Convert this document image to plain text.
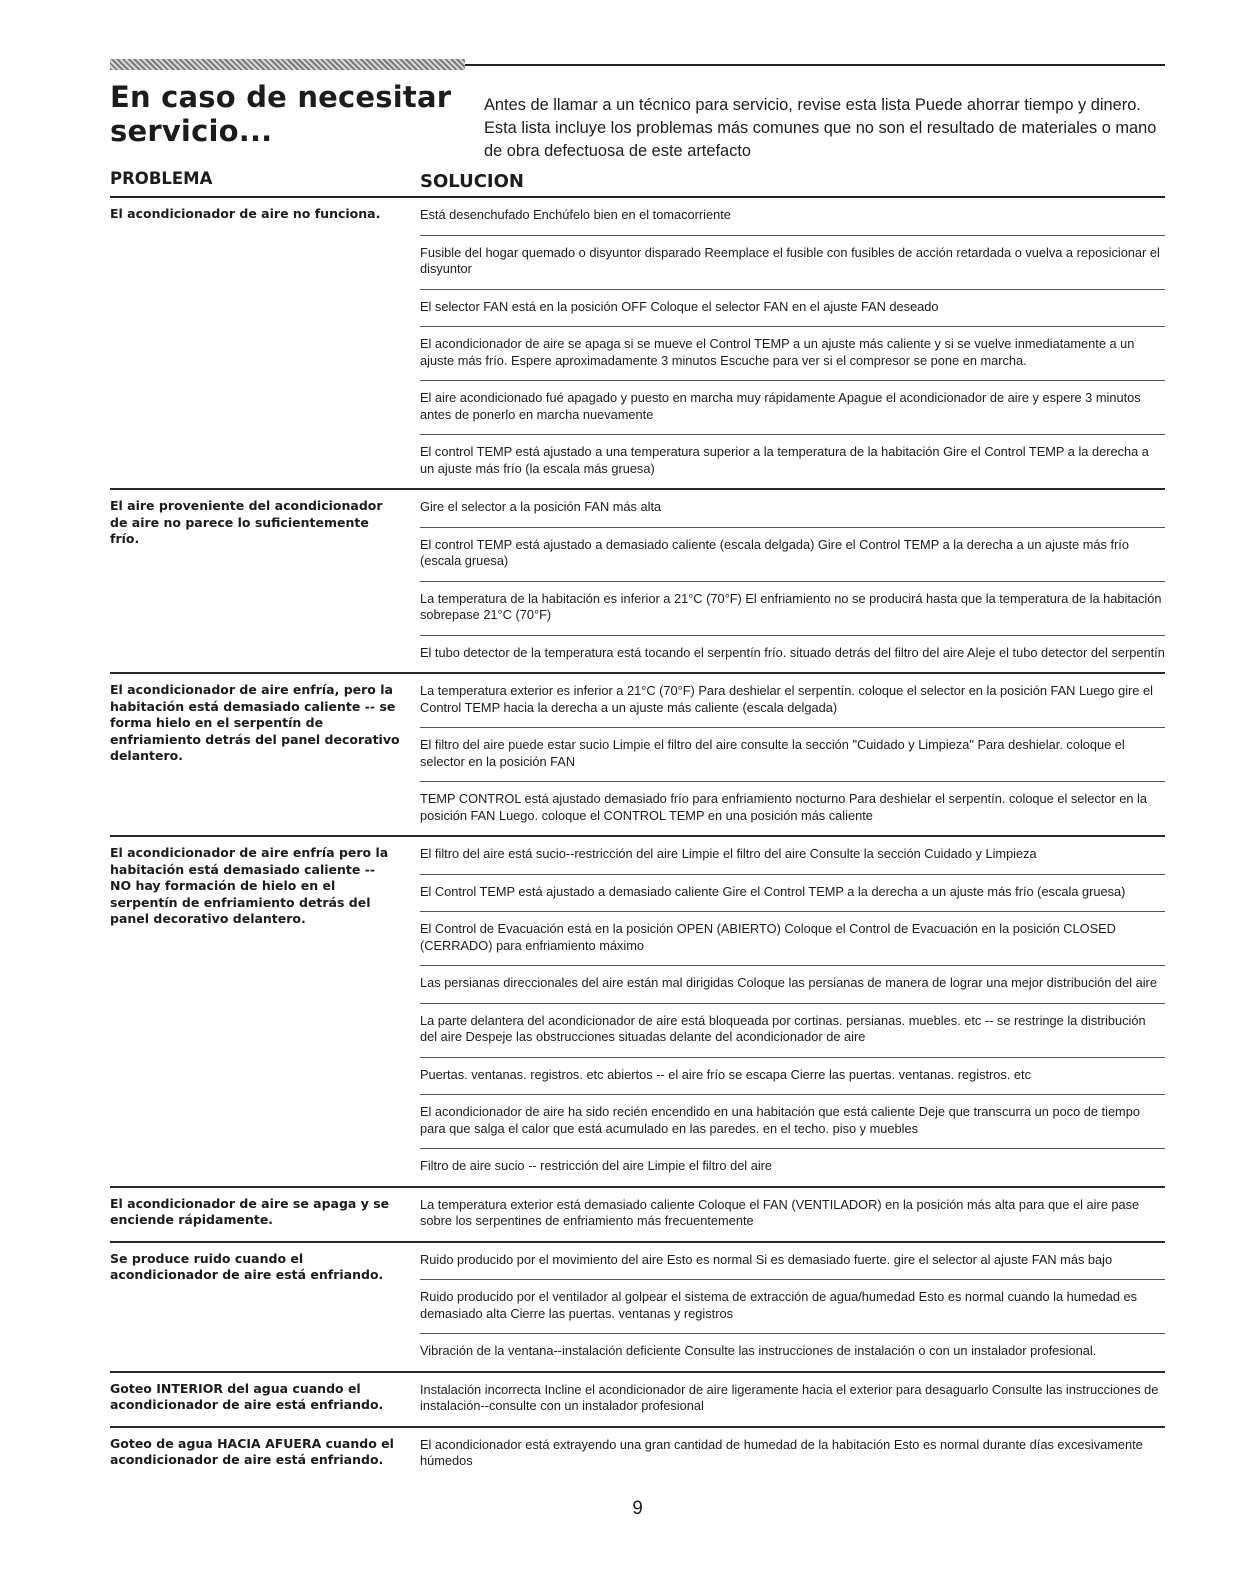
En caso de necesitar
servicio...

Antes de llamar a un técnico para servicio, revise esta lista Puede ahorrar tiempo y dinero. Esta lista incluye los problemas más comunes que no son el resultado de materiales o mano de obra defectuosa de este artefacto

PROBLEMA	SOLUCION
El acondicionador de aire no funciona.	Está desenchufado Enchúfelo bien en el tomacorriente
Fusible del hogar quemado o disyuntor disparado Reemplace el fusible con fusibles de acción retardada o vuelva a reposicionar el disyuntor
El selector FAN está en la posición OFF Coloque el selector FAN en el ajuste FAN deseado
El acondicionador de aire se apaga si se mueve el Control TEMP a un ajuste más caliente y si se vuelve inmediatamente a un ajuste más frío. Espere aproximadamente 3 minutos Escuche para ver si el compresor se pone en marcha.
El aire acondicionado fué apagado y puesto en marcha muy rápidamente Apague el acondicionador de aire y espere 3 minutos antes de ponerlo en marcha nuevamente
El control TEMP está ajustado a una temperatura superior a la temperatura de la habitación Gire el Control TEMP a la derecha a un ajuste más frío (la escala más gruesa)
El aire proveniente del acondicionador de aire no parece lo suficientemente frío.
Gire el selector a la posición FAN más alta
El control TEMP está ajustado a demasiado caliente (escala delgada) Gire el Control TEMP a la derecha a un ajuste más frío (escala gruesa)
La temperatura de la habitación es inferior a 21°C (70°F) El enfriamiento no se producirá hasta que la temperatura de la habitación sobrepase 21°C (70°F)
El tubo detector de la temperatura está tocando el serpentín frío. situado detrás del filtro del aire Aleje el tubo detector del serpentín
El acondicionador de aire enfría, pero la habitación está demasiado caliente -- se forma hielo en el serpentín de enfriamiento detrás del panel decorativo delantero.
La temperatura exterior es inferior a 21°C (70°F) Para deshielar el serpentín. coloque el selector en la posición FAN Luego gire el Control TEMP hacia la derecha a un ajuste más caliente (escala delgada)
El filtro del aire puede estar sucio Limpie el filtro del aire consulte la sección "Cuidado y Limpieza" Para deshielar. coloque el selector en la posición FAN
TEMP CONTROL está ajustado demasiado frío para enfriamiento nocturno Para deshielar el serpentín. coloque el selector en la posición FAN Luego. coloque el CONTROL TEMP en una posición más caliente
El acondicionador de aire enfría pero la habitación está demasiado caliente -- NO hay formación de hielo en el serpentín de enfriamiento detrás del panel decorativo delantero.
El filtro del aire está sucio--restricción del aire Limpie el filtro del aire Consulte la sección Cuidado y Limpieza
El Control TEMP está ajustado a demasiado caliente Gire el Control TEMP a la derecha a un ajuste más frío (escala gruesa)
El Control de Evacuación está en la posición OPEN (ABIERTO) Coloque el Control de Evacuación en la posición CLOSED (CERRADO) para enfriamiento máximo
Las persianas direccionales del aire están mal dirigidas Coloque las persianas de manera de lograr una mejor distribución del aire
La parte delantera del acondicionador de aire está bloqueada por cortinas. persianas. muebles. etc -- se restringe la distribución del aire Despeje las obstrucciones situadas delante del acondicionador de aire
Puertas. ventanas. registros. etc abiertos -- el aire frío se escapa Cierre las puertas. ventanas. registros. etc
El acondicionador de aire ha sido recién encendido en una habitación que está caliente Deje que transcurra un poco de tiempo para que salga el calor que está acumulado en las paredes. en el techo. piso y muebles
Filtro de aire sucio -- restricción del aire Limpie el filtro del aire
El acondicionador de aire se apaga y se enciende rápidamente.
La temperatura exterior está demasiado caliente Coloque el FAN (VENTILADOR) en la posición más alta para que el aire pase sobre los serpentines de enfriamiento más frecuentemente
Se produce ruido cuando el acondicionador de aire está enfriando.
Ruido producido por el movimiento del aire Esto es normal Si es demasiado fuerte. gire el selector al ajuste FAN más bajo
Ruido producido por el ventilador al golpear el sistema de extracción de agua/humedad Esto es normal cuando la humedad es demasiado alta Cierre las puertas. ventanas y registros
Vibración de la ventana--instalación deficiente Consulte las instrucciones de instalación o con un instalador profesional.
Goteo INTERIOR del agua cuando el acondicionador de aire está enfriando.
Instalación incorrecta Incline el acondicionador de aire ligeramente hacia el exterior para desaguarlo Consulte las instrucciones de instalación--consulte con un instalador profesional
Goteo de agua HACIA AFUERA cuando el acondicionador de aire está enfriando.
El acondicionador está extrayendo una gran cantidad de humedad de la habitación Esto es normal durante días excesivamente húmedos
9
